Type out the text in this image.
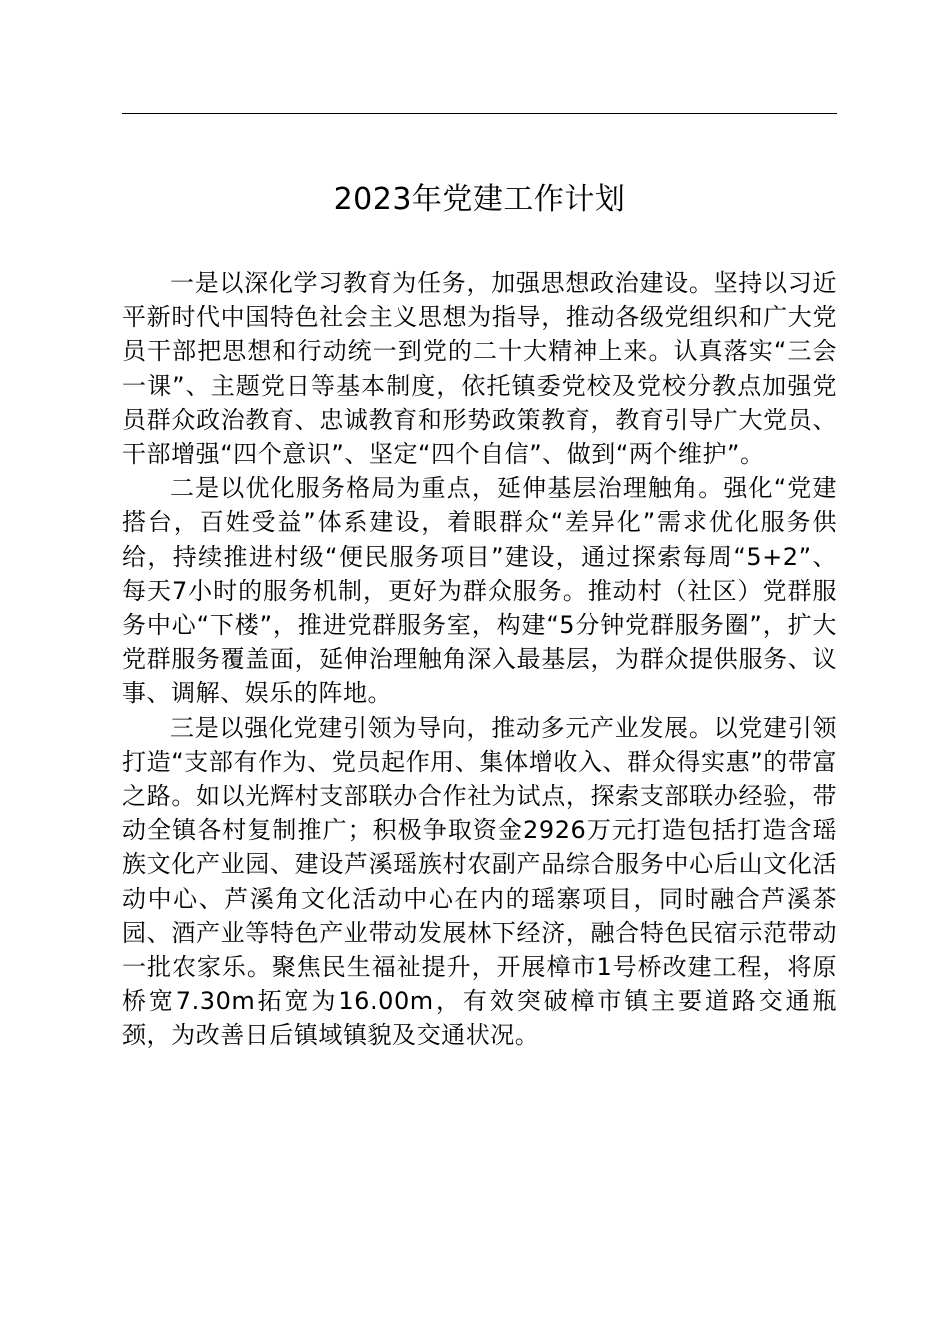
2023年党建工作计划

一是以深化学习教育为任务，加强思想政治建设。坚持以习近平新时代中国特色社会主义思想为指导，推动各级党组织和广大党员干部把思想和行动统一到党的二十大精神上来。认真落实“三会一课”、主题党日等基本制度，依托镇委党校及党校分教点加强党员群众政治教育、忠诚教育和形势政策教育，教育引导广大党员、干部增强“四个意识”、坚定“四个自信”、做到“两个维护”。

二是以优化服务格局为重点，延伸基层治理触角。强化“党建搭台，百姓受益”体系建设，着眼群众“差异化”需求优化服务供给，持续推进村级“便民服务项目”建设，通过探索每周“5+2”、每天7小时的服务机制，更好为群众服务。推动村（社区）党群服务中心“下楼”，推进党群服务室，构建“5分钟党群服务圈”，扩大党群服务覆盖面，延伸治理触角深入最基层，为群众提供服务、议事、调解、娱乐的阵地。

三是以强化党建引领为导向，推动多元产业发展。以党建引领打造“支部有作为、党员起作用、集体增收入、群众得实惠”的带富之路。如以光辉村支部联办合作社为试点，探索支部联办经验，带动全镇各村复制推广；积极争取资金2926万元打造包括打造含瑶族文化产业园、建设芦溪瑶族村农副产品综合服务中心后山文化活动中心、芦溪角文化活动中心在内的瑶寨项目，同时融合芦溪茶园、酒产业等特色产业带动发展林下经济，融合特色民宿示范带动一批农家乐。聚焦民生福祉提升，开展樟市1号桥改建工程，将原桥宽7.30m拓宽为16.00m，有效突破樟市镇主要道路交通瓶颈，为改善日后镇域镇貌及交通状况。
